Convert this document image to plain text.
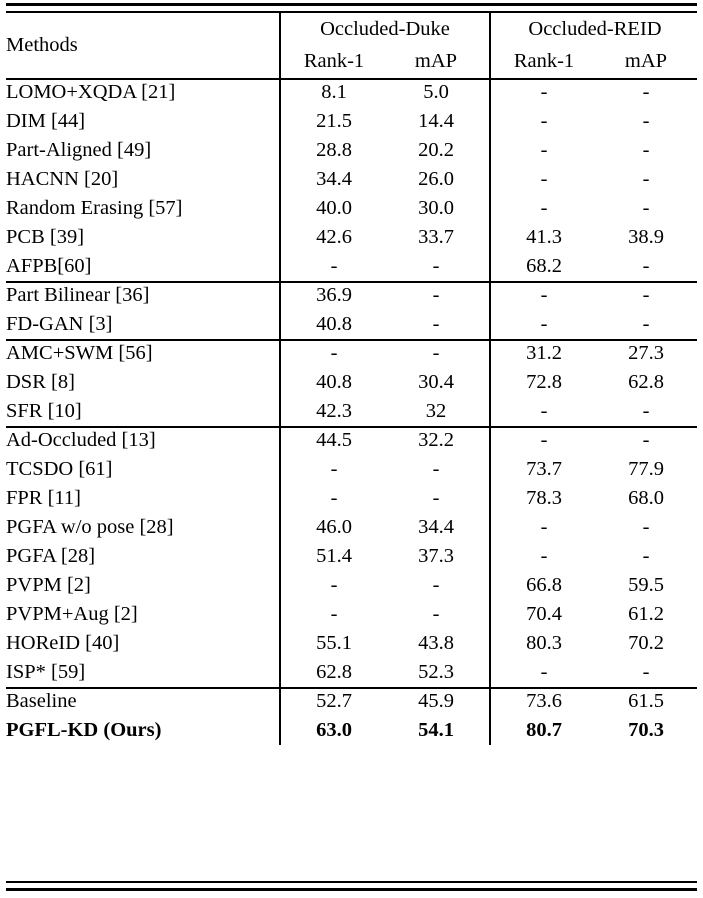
Methods		Occluded-Duke			Occluded-REID	
		Rank-1	mAP		Rank-1	mAP
LOMO+XQDA [21]		8.1	5.0		-	-
DIM [44]		21.5	14.4		-	-
Part-Aligned [49]		28.8	20.2		-	-
HACNN [20]		34.4	26.0		-	-
Random Erasing [57]		40.0	30.0		-	-
PCB [39]		42.6	33.7		41.3	38.9
AFPB[60]		-	-		68.2	-
Part Bilinear [36]		36.9	-		-	-
FD-GAN [3]		40.8	-		-	-
AMC+SWM [56]		-	-		31.2	27.3
DSR [8]		40.8	30.4		72.8	62.8
SFR [10]		42.3	32		-	-
Ad-Occluded [13]		44.5	32.2		-	-
TCSDO [61]		-	-		73.7	77.9
FPR [11]		-	-		78.3	68.0
PGFA w/o pose [28]		46.0	34.4		-	-
PGFA [28]		51.4	37.3		-	-
PVPM [2]		-	-		66.8	59.5
PVPM+Aug [2]		-	-		70.4	61.2
HOReID [40]		55.1	43.8		80.3	70.2
ISP* [59]		62.8	52.3		-	-
Baseline		52.7	45.9		73.6	61.5
PGFL-KD (Ours)		63.0	54.1		80.7	70.3
